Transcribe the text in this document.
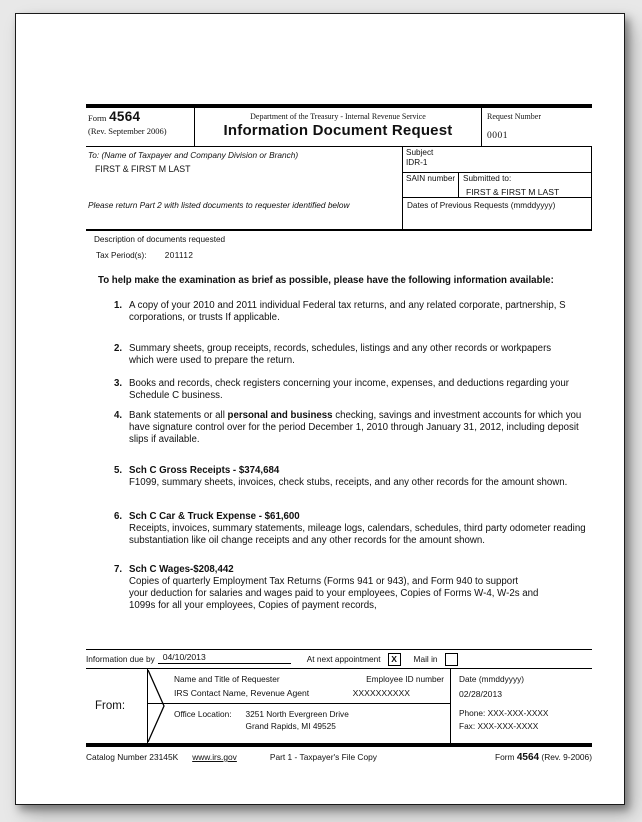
Form 4564
(Rev. September 2006)
Department of the Treasury - Internal Revenue Service
Information Document Request
Request Number
0001
To: (Name of Taxpayer and Company Division or Branch)
FIRST & FIRST M LAST
Please return Part 2 with listed documents to requester identified below
Subject
IDR-1
SAIN number Submitted to:
FIRST & FIRST M LAST
Dates of Previous Requests (mmddyyyy)
Description of documents requested
Tax Period(s): 201112
To help make the examination as brief as possible, please have the following information available:
1. A copy of your 2010 and 2011 individual Federal tax returns, and any related corporate, partnership, S corporations, or trusts If applicable.
2. Summary sheets, group receipts, records, schedules, listings and any other records or workpapers which were used to prepare the return.
3. Books and records, check registers concerning your income, expenses, and deductions regarding your Schedule C business.
4. Bank statements or all personal and business checking, savings and investment accounts for which you have signature control over for the period December 1, 2010 through January 31, 2012, including deposit slips if available.
5. Sch C Gross Receipts - $374,684
F1099, summary sheets, invoices, check stubs, receipts, and any other records for the amount shown.
6. Sch C Car & Truck Expense - $61,600
Receipts, invoices, summary statements, mileage logs, calendars, schedules, third party odometer reading substantiation like oil change receipts and any other records for the amount shown.
7. Sch C Wages-$208,442
Copies of quarterly Employment Tax Returns (Forms 941 or 943), and Form 940 to support your deduction for salaries and wages paid to your employees, Copies of Forms W-4, W-2s and 1099s for all your employees, Copies of payment records,
Information due by 04/10/2013	At next appointment	X	Mail in
From:
Name and Title of Requester	Employee ID number
IRS Contact Name, Revenue Agent	XXXXXXXXXX
Office Location: 3251 North Evergreen Drive
Grand Rapids, MI 49525
Date (mmddyyyy)
02/28/2013
Phone: XXX-XXX-XXXX
Fax: XXX-XXX-XXXX
Catalog Number 23145K www.irs.gov	Part 1 - Taxpayer's File Copy	Form 4564 (Rev. 9-2006)
